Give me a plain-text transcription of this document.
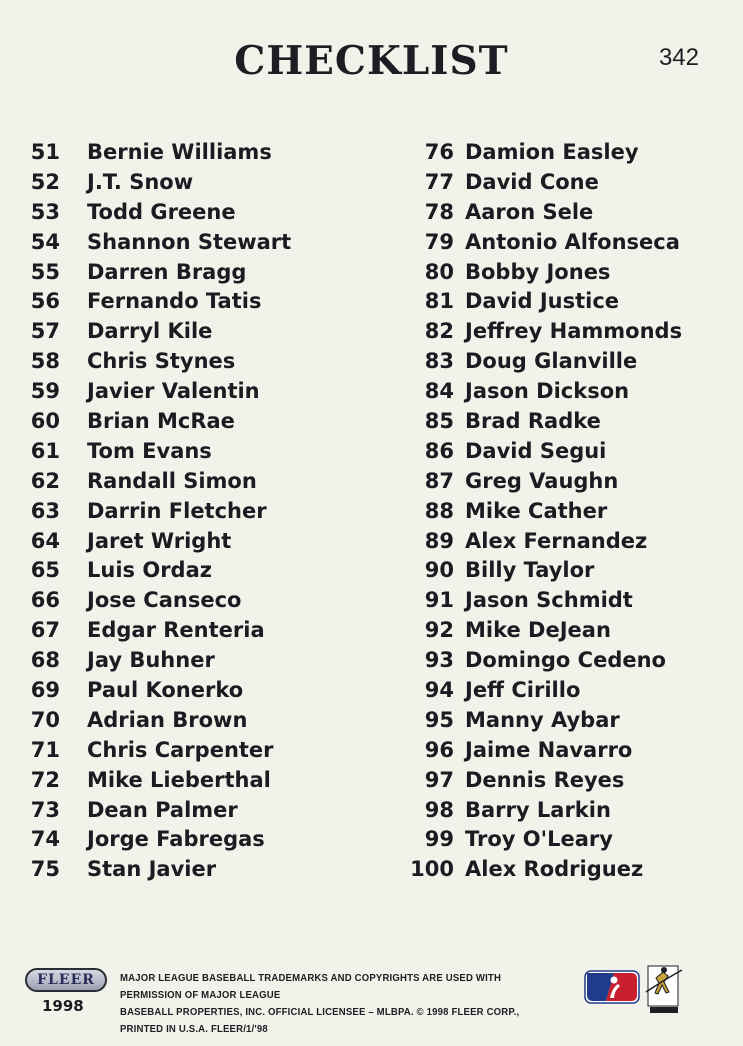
CHECKLIST	342
51 Bernie Williams
52 J.T. Snow
53 Todd Greene
54 Shannon Stewart
55 Darren Bragg
56 Fernando Tatis
57 Darryl Kile
58 Chris Stynes
59 Javier Valentin
60 Brian McRae
61 Tom Evans
62 Randall Simon
63 Darrin Fletcher
64 Jaret Wright
65 Luis Ordaz
66 Jose Canseco
67 Edgar Renteria
68 Jay Buhner
69 Paul Konerko
70 Adrian Brown
71 Chris Carpenter
72 Mike Lieberthal
73 Dean Palmer
74 Jorge Fabregas
75 Stan Javier
76 Damion Easley
77 David Cone
78 Aaron Sele
79 Antonio Alfonseca
80 Bobby Jones
81 David Justice
82 Jeffrey Hammonds
83 Doug Glanville
84 Jason Dickson
85 Brad Radke
86 David Segui
87 Greg Vaughn
88 Mike Cather
89 Alex Fernandez
90 Billy Taylor
91 Jason Schmidt
92 Mike DeJean
93 Domingo Cedeno
94 Jeff Cirillo
95 Manny Aybar
96 Jaime Navarro
97 Dennis Reyes
98 Barry Larkin
99 Troy O'Leary
100 Alex Rodriguez
FLEER
1998
MAJOR LEAGUE BASEBALL TRADEMARKS AND COPYRIGHTS ARE USED WITH PERMISSION OF MAJOR LEAGUE
BASEBALL PROPERTIES, INC. OFFICIAL LICENSEE – MLBPA. © 1998 FLEER CORP., PRINTED IN U.S.A. FLEER/1/'98
